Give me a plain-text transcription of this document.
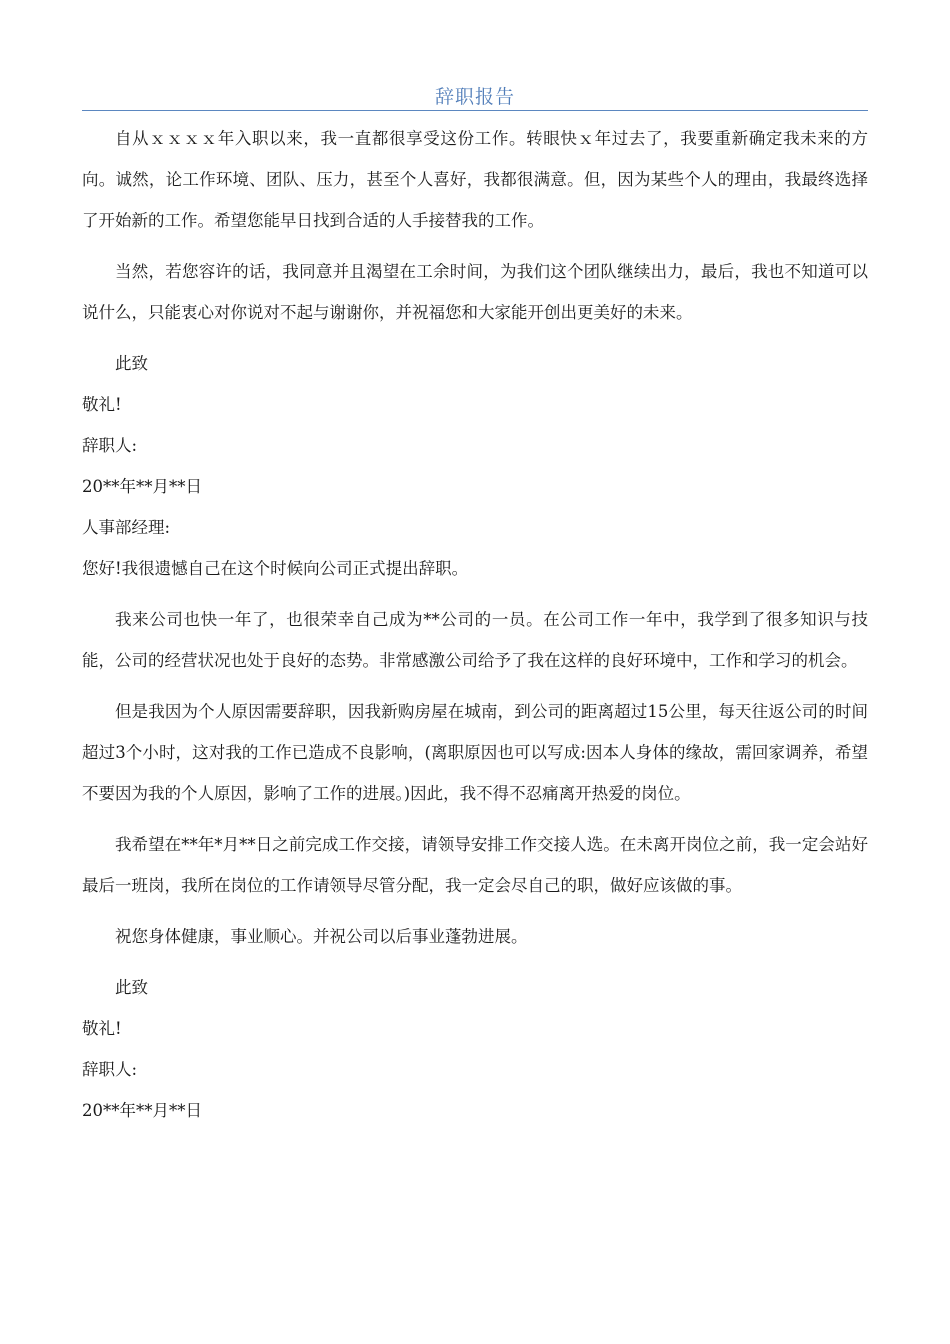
辞职报告

自从ｘｘｘｘ年入职以来，我一直都很享受这份工作。转眼快ｘ年过去了，我要重新确定我未来的方向。诚然，论工作环境、团队、压力，甚至个人喜好，我都很满意。但，因为某些个人的理由，我最终选择了开始新的工作。希望您能早日找到合适的人手接替我的工作。

当然，若您容许的话，我同意并且渴望在工余时间，为我们这个团队继续出力，最后，我也不知道可以说什么，只能衷心对你说对不起与谢谢你，并祝福您和大家能开创出更美好的未来。

此致

敬礼!

辞职人:

20**年**月**日

人事部经理:

您好!我很遗憾自己在这个时候向公司正式提出辞职。

我来公司也快一年了，也很荣幸自己成为**公司的一员。在公司工作一年中，我学到了很多知识与技能，公司的经营状况也处于良好的态势。非常感激公司给予了我在这样的良好环境中，工作和学习的机会。

但是我因为个人原因需要辞职，因我新购房屋在城南，到公司的距离超过15公里，每天往返公司的时间超过3个小时，这对我的工作已造成不良影响，(离职原因也可以写成:因本人身体的缘故，需回家调养，希望不要因为我的个人原因，影响了工作的进展。)因此，我不得不忍痛离开热爱的岗位。

我希望在**年*月**日之前完成工作交接，请领导安排工作交接人选。在未离开岗位之前，我一定会站好最后一班岗，我所在岗位的工作请领导尽管分配，我一定会尽自己的职，做好应该做的事。

祝您身体健康，事业顺心。并祝公司以后事业蓬勃进展。

此致

敬礼!

辞职人:

20**年**月**日
